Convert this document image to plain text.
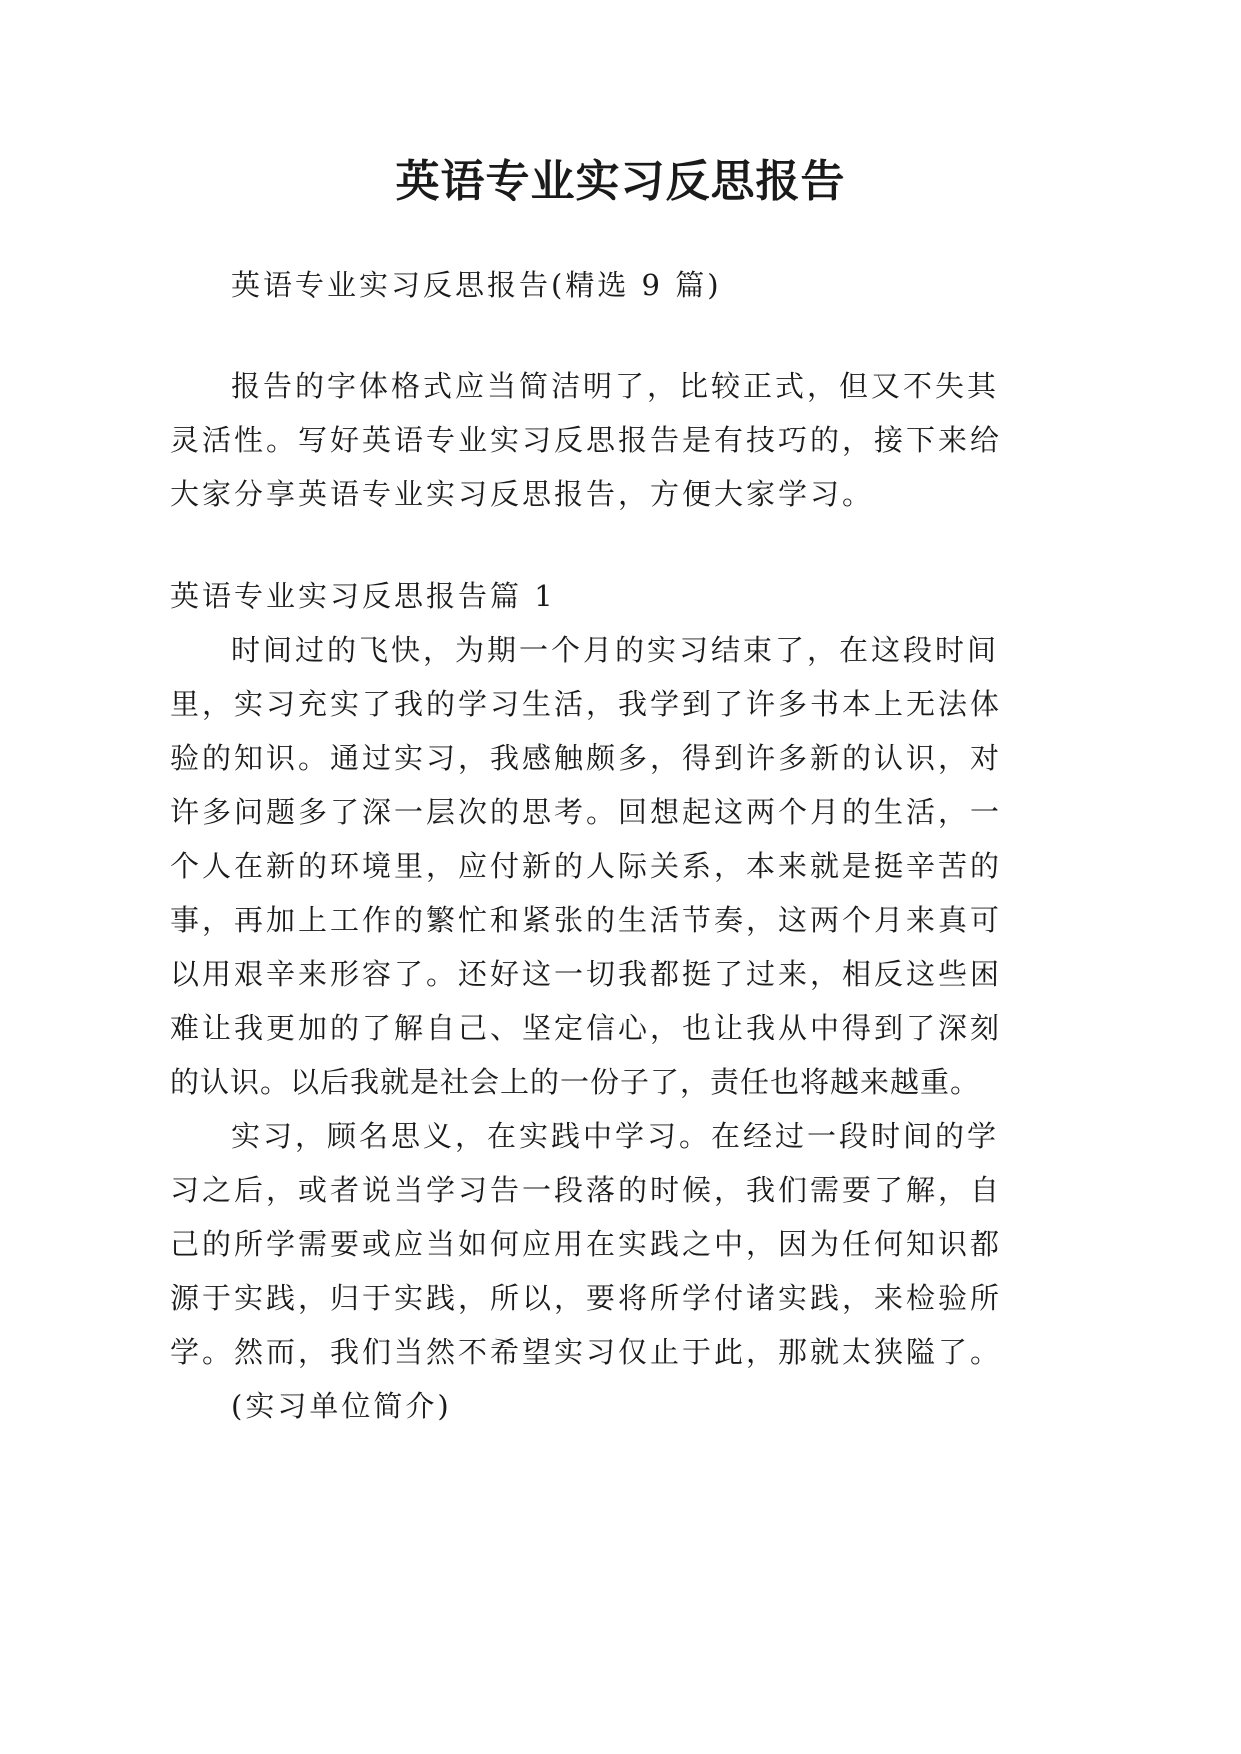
英语专业实习反思报告

英语专业实习反思报告(精选 9 篇)

报告的字体格式应当简洁明了，比较正式，但又不失其

灵活性。写好英语专业实习反思报告是有技巧的，接下来给

大家分享英语专业实习反思报告，方便大家学习。

英语专业实习反思报告篇 1

时间过的飞快，为期一个月的实习结束了，在这段时间

里，实习充实了我的学习生活，我学到了许多书本上无法体

验的知识。通过实习，我感触颇多，得到许多新的认识，对

许多问题多了深一层次的思考。回想起这两个月的生活，一

个人在新的环境里，应付新的人际关系，本来就是挺辛苦的

事，再加上工作的繁忙和紧张的生活节奏，这两个月来真可

以用艰辛来形容了。还好这一切我都挺了过来，相反这些困

难让我更加的了解自己、坚定信心，也让我从中得到了深刻

的认识。以后我就是社会上的一份子了，责任也将越来越重。

实习，顾名思义，在实践中学习。在经过一段时间的学

习之后，或者说当学习告一段落的时候，我们需要了解，自

己的所学需要或应当如何应用在实践之中，因为任何知识都

源于实践，归于实践，所以，要将所学付诸实践，来检验所

学。然而，我们当然不希望实习仅止于此，那就太狭隘了。

(实习单位简介)
